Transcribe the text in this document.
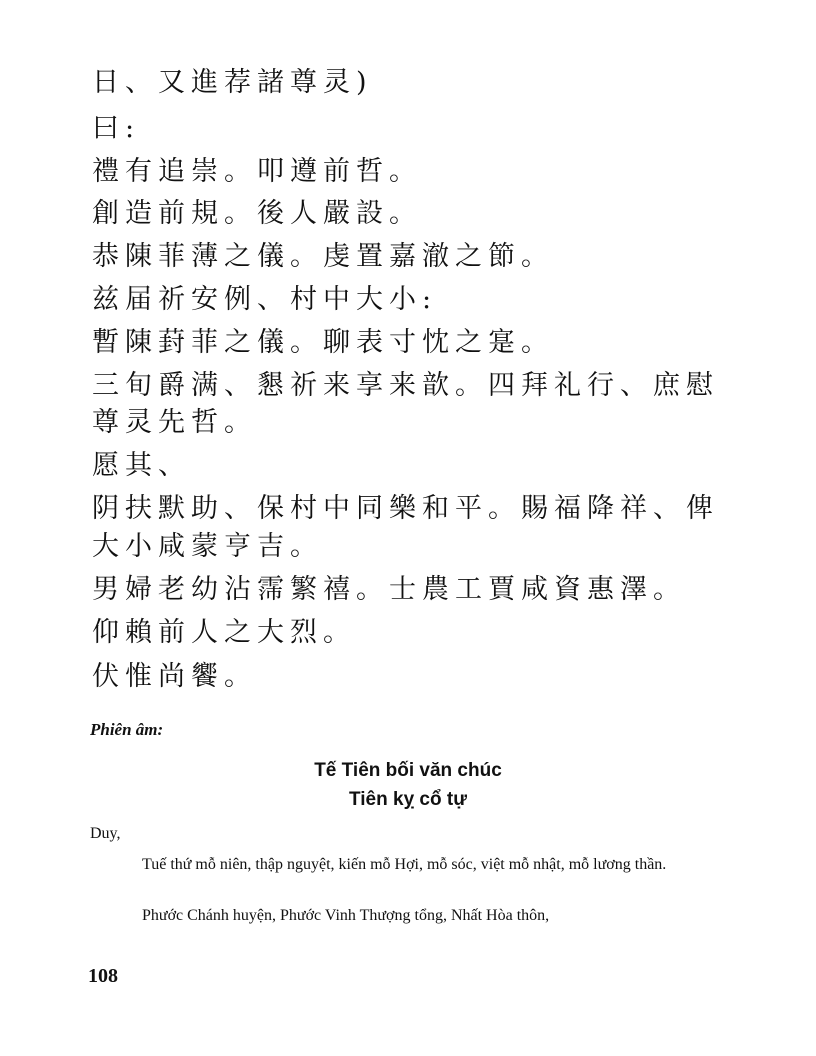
日、又進荐諸尊灵)
曰:
禮有追崇。叩遵前哲。
創造前規。後人嚴設。
恭陳菲薄之儀。虔置嘉澈之節。
兹届祈安例、村中大小:
暫陳葑菲之儀。聊表寸忱之寔。
三旬爵满、懇祈来享来歆。四拜礼行、庶慰
尊灵先哲。
愿其、
阴扶默助、保村中同樂和平。賜福降祥、俾
大小咸蒙亨吉。
男婦老幼沾霈繁禧。士農工賈咸資惠澤。
仰賴前人之大烈。
伏惟尚饗。
Phiên âm:
Tế Tiên bối văn chúc
Tiên kỵ cổ tự
Duy,
Tuế thứ mỗ niên, thập nguyệt, kiến mỗ Hợi, mỗ sóc, việt mỗ nhật, mỗ lương thần.
Phước Chánh huyện, Phước Vinh Thượng tổng, Nhất Hòa thôn,
108
